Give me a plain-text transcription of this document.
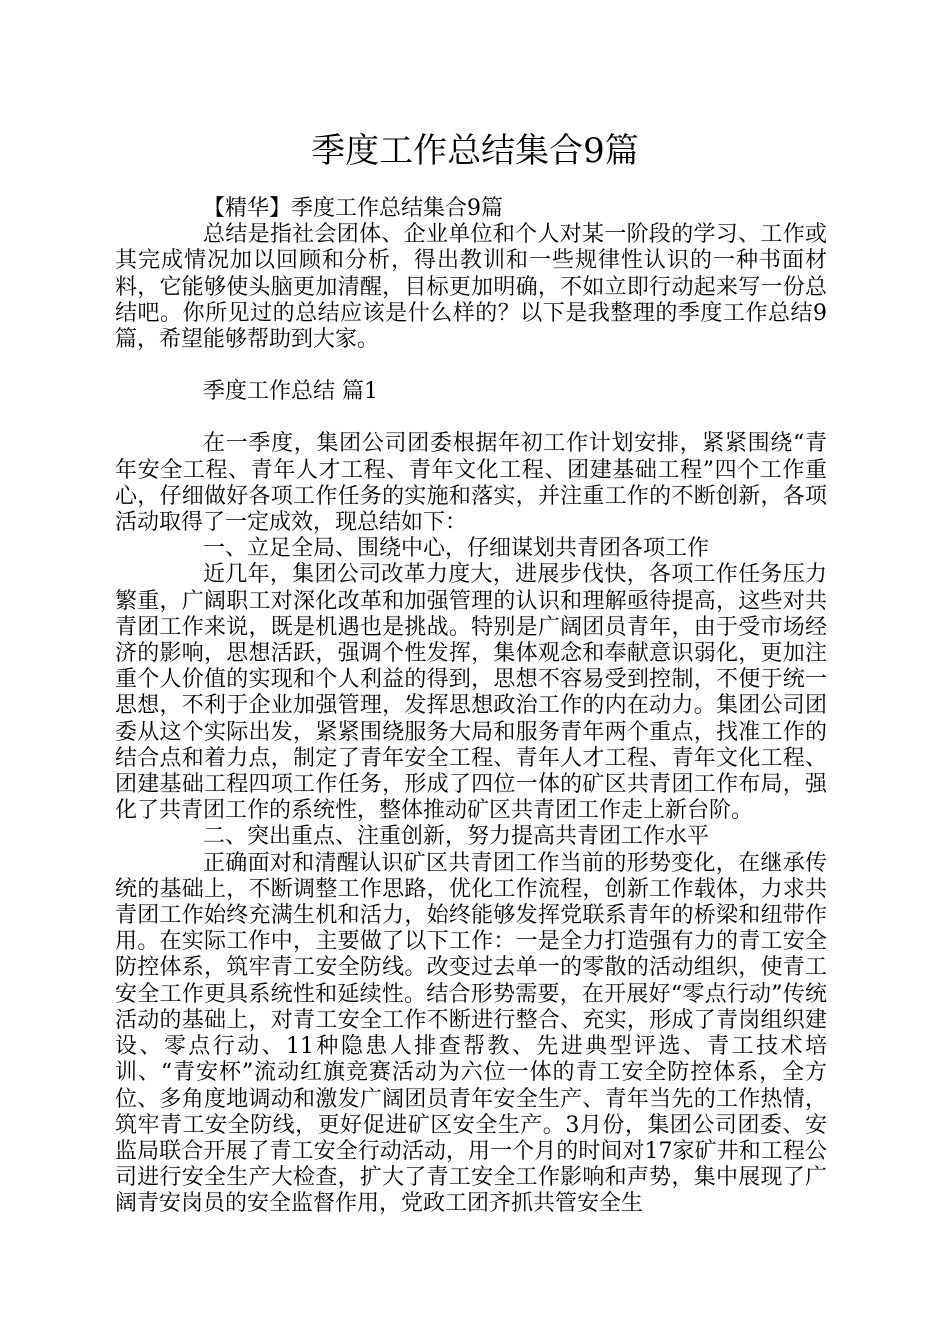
季度工作总结集合9篇

【精华】季度工作总结集合9篇

总结是指社会团体、企业单位和个人对某一阶段的学习、工作或其完成情况加以回顾和分析，得出教训和一些规律性认识的一种书面材料，它能够使头脑更加清醒，目标更加明确，不如立即行动起来写一份总结吧。你所见过的总结应该是什么样的？以下是我整理的季度工作总结9篇，希望能够帮助到大家。

季度工作总结 篇1

在一季度，集团公司团委根据年初工作计划安排，紧紧围绕“青年安全工程、青年人才工程、青年文化工程、团建基础工程”四个工作重心，仔细做好各项工作任务的实施和落实，并注重工作的不断创新，各项活动取得了一定成效，现总结如下：

一、立足全局、围绕中心，仔细谋划共青团各项工作

近几年，集团公司改革力度大，进展步伐快，各项工作任务压力繁重，广阔职工对深化改革和加强管理的认识和理解亟待提高，这些对共青团工作来说，既是机遇也是挑战。特别是广阔团员青年，由于受市场经济的影响，思想活跃，强调个性发挥，集体观念和奉献意识弱化，更加注重个人价值的实现和个人利益的得到，思想不容易受到控制，不便于统一思想，不利于企业加强管理，发挥思想政治工作的内在动力。集团公司团委从这个实际出发，紧紧围绕服务大局和服务青年两个重点，找准工作的结合点和着力点，制定了青年安全工程、青年人才工程、青年文化工程、团建基础工程四项工作任务，形成了四位一体的矿区共青团工作布局，强化了共青团工作的系统性，整体推动矿区共青团工作走上新台阶。

二、突出重点、注重创新，努力提高共青团工作水平

正确面对和清醒认识矿区共青团工作当前的形势变化，在继承传统的基础上，不断调整工作思路，优化工作流程，创新工作载体，力求共青团工作始终充满生机和活力，始终能够发挥党联系青年的桥梁和纽带作用。在实际工作中，主要做了以下工作：一是全力打造强有力的青工安全防控体系，筑牢青工安全防线。改变过去单一的零散的活动组织，使青工安全工作更具系统性和延续性。结合形势需要，在开展好“零点行动”传统活动的基础上，对青工安全工作不断进行整合、充实，形成了青岗组织建设、零点行动、11种隐患人排查帮教、先进典型评选、青工技术培训、“青安杯”流动红旗竞赛活动为六位一体的青工安全防控体系，全方位、多角度地调动和激发广阔团员青年安全生产、青年当先的工作热情，筑牢青工安全防线，更好促进矿区安全生产。3月份，集团公司团委、安监局联合开展了青工安全行动活动，用一个月的时间对17家矿井和工程公司进行安全生产大检查，扩大了青工安全工作影响和声势，集中展现了广阔青安岗员的安全监督作用，党政工团齐抓共管安全生
